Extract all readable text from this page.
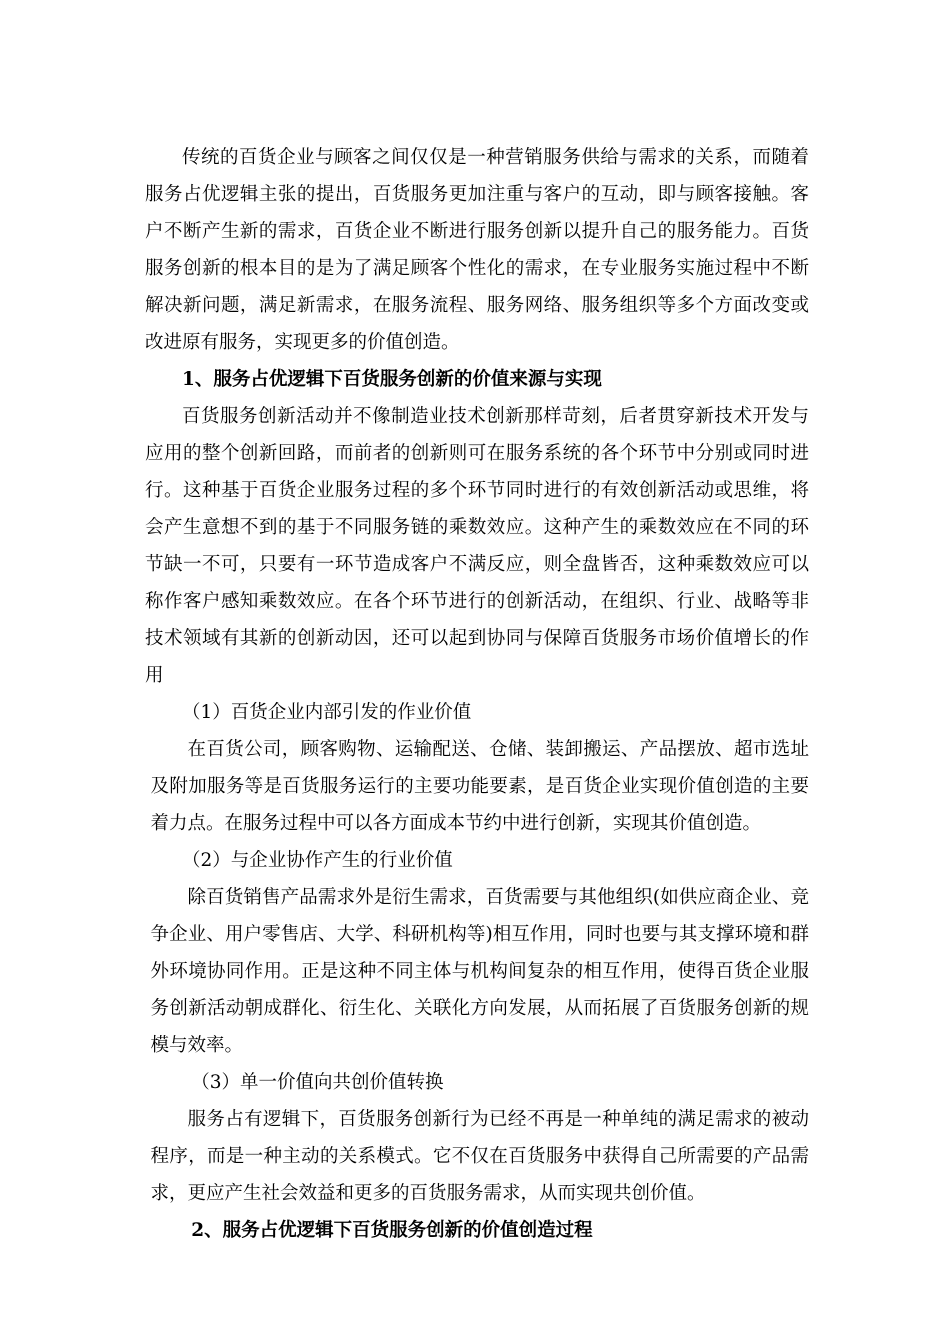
传统的百货企业与顾客之间仅仅是一种营销服务供给与需求的关系，而随着服务占优逻辑主张的提出，百货服务更加注重与客户的互动，即与顾客接触。客户不断产生新的需求，百货企业不断进行服务创新以提升自己的服务能力。百货服务创新的根本目的是为了满足顾客个性化的需求，在专业服务实施过程中不断解决新问题，满足新需求，在服务流程、服务网络、服务组织等多个方面改变或改进原有服务，实现更多的价值创造。

1、服务占优逻辑下百货服务创新的价值来源与实现

百货服务创新活动并不像制造业技术创新那样苛刻，后者贯穿新技术开发与应用的整个创新回路，而前者的创新则可在服务系统的各个环节中分别或同时进行。这种基于百货企业服务过程的多个环节同时进行的有效创新活动或思维，将会产生意想不到的基于不同服务链的乘数效应。这种产生的乘数效应在不同的环节缺一不可，只要有一环节造成客户不满反应，则全盘皆否，这种乘数效应可以称作客户感知乘数效应。在各个环节进行的创新活动，在组织、行业、战略等非技术领域有其新的创新动因，还可以起到协同与保障百货服务市场价值增长的作用

（1）百货企业内部引发的作业价值

在百货公司，顾客购物、运输配送、仓储、装卸搬运、产品摆放、超市选址及附加服务等是百货服务运行的主要功能要素，是百货企业实现价值创造的主要着力点。在服务过程中可以各方面成本节约中进行创新，实现其价值创造。

（2）与企业协作产生的行业价值

除百货销售产品需求外是衍生需求，百货需要与其他组织(如供应商企业、竞争企业、用户零售店、大学、科研机构等)相互作用，同时也要与其支撑环境和群外环境协同作用。正是这种不同主体与机构间复杂的相互作用，使得百货企业服务创新活动朝成群化、衍生化、关联化方向发展，从而拓展了百货服务创新的规模与效率。

（3）单一价值向共创价值转换

服务占有逻辑下，百货服务创新行为已经不再是一种单纯的满足需求的被动程序，而是一种主动的关系模式。它不仅在百货服务中获得自己所需要的产品需求，更应产生社会效益和更多的百货服务需求，从而实现共创价值。

2、服务占优逻辑下百货服务创新的价值创造过程
